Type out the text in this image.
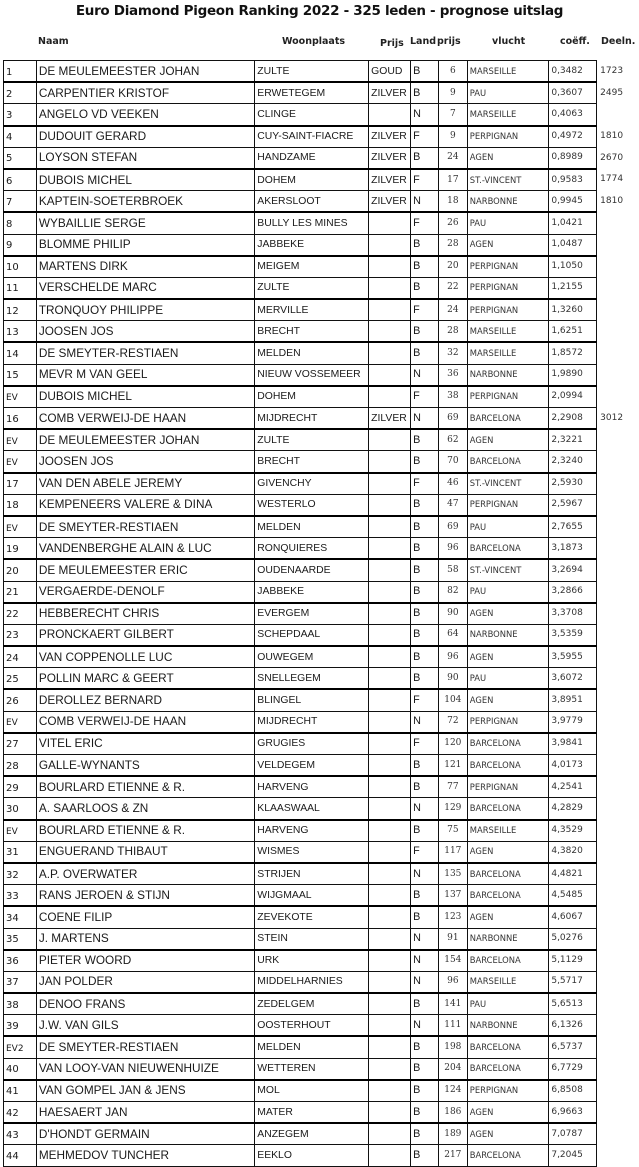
Euro Diamond Pigeon Ranking 2022 - 325 leden - prognose uitslag
Naam	Woonplaats	Prijs Land prijs	vlucht	coëff. Deeln.
1	DE MEULEMEESTER JOHAN	ZULTE	GOUD	B	6	MARSEILLE	0,3482	1723
2	CARPENTIER KRISTOF	ERWETEGEM	ZILVER	B	9	PAU	0,3607	2495
3	ANGELO VD VEEKEN	CLINGE		N	7	MARSEILLE	0,4063	
4	DUDOUIT GERARD	CUY-SAINT-FIACRE	ZILVER	F	9	PERPIGNAN	0,4972	1810
5	LOYSON STEFAN	HANDZAME	ZILVER	B	24	AGEN	0,8989	2670
6	DUBOIS MICHEL	DOHEM	ZILVER	F	17	ST.-VINCENT	0,9583	1774
7	KAPTEIN-SOETERBROEK	AKERSLOOT	ZILVER	N	18	NARBONNE	0,9945	1810
8	WYBAILLIE SERGE	BULLY LES MINES		F	26	PAU	1,0421	
9	BLOMME PHILIP	JABBEKE		B	28	AGEN	1,0487	
10	MARTENS DIRK	MEIGEM		B	20	PERPIGNAN	1,1050	
11	VERSCHELDE MARC	ZULTE		B	22	PERPIGNAN	1,2155	
12	TRONQUOY PHILIPPE	MERVILLE		F	24	PERPIGNAN	1,3260	
13	JOOSEN JOS	BRECHT		B	28	MARSEILLE	1,6251	
14	DE SMEYTER-RESTIAEN	MELDEN		B	32	MARSEILLE	1,8572	
15	MEVR M VAN GEEL	NIEUW VOSSEMEER		N	36	NARBONNE	1,9890	
EV	DUBOIS MICHEL	DOHEM		F	38	PERPIGNAN	2,0994	
16	COMB VERWEIJ-DE HAAN	MIJDRECHT	ZILVER	N	69	BARCELONA	2,2908	3012
EV	DE MEULEMEESTER JOHAN	ZULTE		B	62	AGEN	2,3221	
EV	JOOSEN JOS	BRECHT		B	70	BARCELONA	2,3240	
17	VAN DEN ABELE JEREMY	GIVENCHY		F	46	ST.-VINCENT	2,5930	
18	KEMPENEERS VALERE & DINA	WESTERLO		B	47	PERPIGNAN	2,5967	
EV	DE SMEYTER-RESTIAEN	MELDEN		B	69	PAU	2,7655	
19	VANDENBERGHE ALAIN & LUC	RONQUIERES		B	96	BARCELONA	3,1873	
20	DE MEULEMEESTER ERIC	OUDENAARDE		B	58	ST.-VINCENT	3,2694	
21	VERGAERDE-DENOLF	JABBEKE		B	82	PAU	3,2866	
22	HEBBERECHT CHRIS	EVERGEM		B	90	AGEN	3,3708	
23	PRONCKAERT GILBERT	SCHEPDAAL		B	64	NARBONNE	3,5359	
24	VAN COPPENOLLE LUC	OUWEGEM		B	96	AGEN	3,5955	
25	POLLIN MARC & GEERT	SNELLEGEM		B	90	PAU	3,6072	
26	DEROLLEZ BERNARD	BLINGEL		F	104	AGEN	3,8951	
EV	COMB VERWEIJ-DE HAAN	MIJDRECHT		N	72	PERPIGNAN	3,9779	
27	VITEL ERIC	GRUGIES		F	120	BARCELONA	3,9841	
28	GALLE-WYNANTS	VELDEGEM		B	121	BARCELONA	4,0173	
29	BOURLARD ETIENNE & R.	HARVENG		B	77	PERPIGNAN	4,2541	
30	A. SAARLOOS & ZN	KLAASWAAL		N	129	BARCELONA	4,2829	
EV	BOURLARD ETIENNE & R.	HARVENG		B	75	MARSEILLE	4,3529	
31	ENGUERAND THIBAUT	WISMES		F	117	AGEN	4,3820	
32	A.P. OVERWATER	STRIJEN		N	135	BARCELONA	4,4821	
33	RANS JEROEN & STIJN	WIJGMAAL		B	137	BARCELONA	4,5485	
34	COENE FILIP	ZEVEKOTE		B	123	AGEN	4,6067	
35	J. MARTENS	STEIN		N	91	NARBONNE	5,0276	
36	PIETER WOORD	URK		N	154	BARCELONA	5,1129	
37	JAN POLDER	MIDDELHARNIES		N	96	MARSEILLE	5,5717	
38	DENOO FRANS	ZEDELGEM		B	141	PAU	5,6513	
39	J.W. VAN GILS	OOSTERHOUT		N	111	NARBONNE	6,1326	
EV2	DE SMEYTER-RESTIAEN	MELDEN		B	198	BARCELONA	6,5737	
40	VAN LOOY-VAN NIEUWENHUIZE	WETTEREN		B	204	BARCELONA	6,7729	
41	VAN GOMPEL JAN & JENS	MOL		B	124	PERPIGNAN	6,8508	
42	HAESAERT JAN	MATER		B	186	AGEN	6,9663	
43	D'HONDT GERMAIN	ANZEGEM		B	189	AGEN	7,0787	
44	MEHMEDOV TUNCHER	EEKLO		B	217	BARCELONA	7,2045	
